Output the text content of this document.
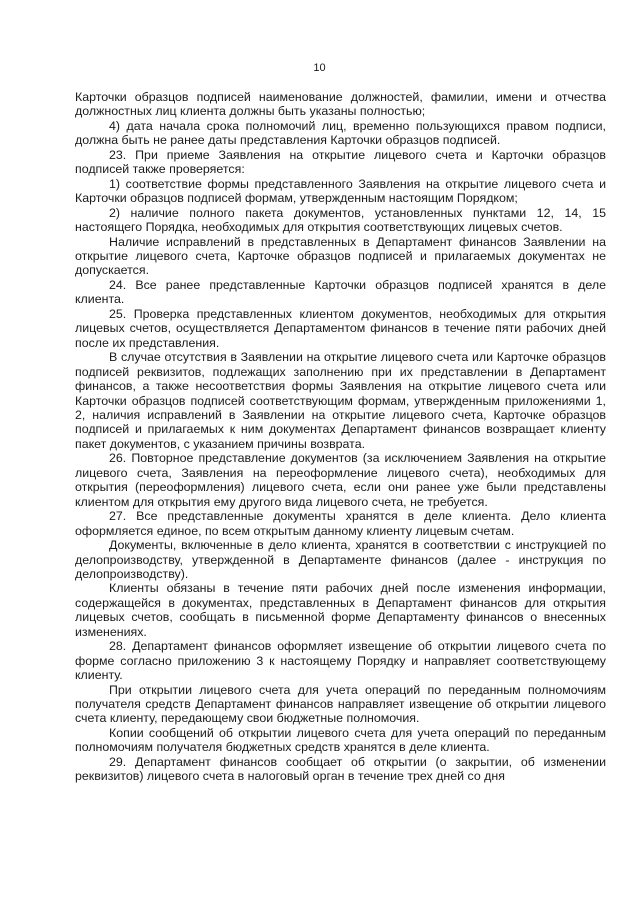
10

Карточки образцов подписей наименование должностей, фамилии, имени и отчества должностных лиц клиента должны быть указаны полностью;

4) дата начала срока полномочий лиц, временно пользующихся правом подписи, должна быть не ранее даты представления Карточки образцов подписей.

23. При приеме Заявления на открытие лицевого счета и Карточки образцов подписей также проверяется:

1) соответствие формы представленного Заявления на открытие лицевого счета и Карточки образцов подписей формам, утвержденным настоящим Порядком;

2) наличие полного пакета документов, установленных пунктами 12, 14, 15 настоящего Порядка, необходимых для открытия соответствующих лицевых счетов.

Наличие исправлений в представленных в Департамент финансов Заявлении на открытие лицевого счета, Карточке образцов подписей и прилагаемых документах не допускается.

24. Все ранее представленные Карточки образцов подписей хранятся в деле клиента.

25. Проверка представленных клиентом документов, необходимых для открытия лицевых счетов, осуществляется Департаментом финансов в течение пяти рабочих дней после их представления.

В случае отсутствия в Заявлении на открытие лицевого счета или Карточке образцов подписей реквизитов, подлежащих заполнению при их представлении в Департамент финансов, а также несоответствия формы Заявления на открытие лицевого счета или Карточки образцов подписей соответствующим формам, утвержденным приложениями 1, 2, наличия исправлений в Заявлении на открытие лицевого счета, Карточке образцов подписей и прилагаемых к ним документах Департамент финансов возвращает клиенту пакет документов, с указанием причины возврата.

26. Повторное представление документов (за исключением Заявления на открытие лицевого счета, Заявления на переоформление лицевого счета), необходимых для открытия (переоформления) лицевого счета, если они ранее уже были представлены клиентом для открытия ему другого вида лицевого счета, не требуется.

27. Все представленные документы хранятся в деле клиента. Дело клиента оформляется единое, по всем открытым данному клиенту лицевым счетам.

Документы, включенные в дело клиента, хранятся в соответствии с инструкцией по делопроизводству, утвержденной в Департаменте финансов (далее - инструкция по делопроизводству).

Клиенты обязаны в течение пяти рабочих дней после изменения информации, содержащейся в документах, представленных в Департамент финансов для открытия лицевых счетов, сообщать в письменной форме Департаменту финансов о внесенных изменениях.

28. Департамент финансов оформляет извещение об открытии лицевого счета по форме согласно приложению 3 к настоящему Порядку и направляет соответствующему клиенту.

При открытии лицевого счета для учета операций по переданным полномочиям получателя средств Департамент финансов направляет извещение об открытии лицевого счета клиенту, передающему свои бюджетные полномочия.

Копии сообщений об открытии лицевого счета для учета операций по переданным полномочиям получателя бюджетных средств хранятся в деле клиента.

29. Департамент финансов сообщает об открытии (о закрытии, об изменении реквизитов) лицевого счета в налоговый орган в течение трех дней со дня
